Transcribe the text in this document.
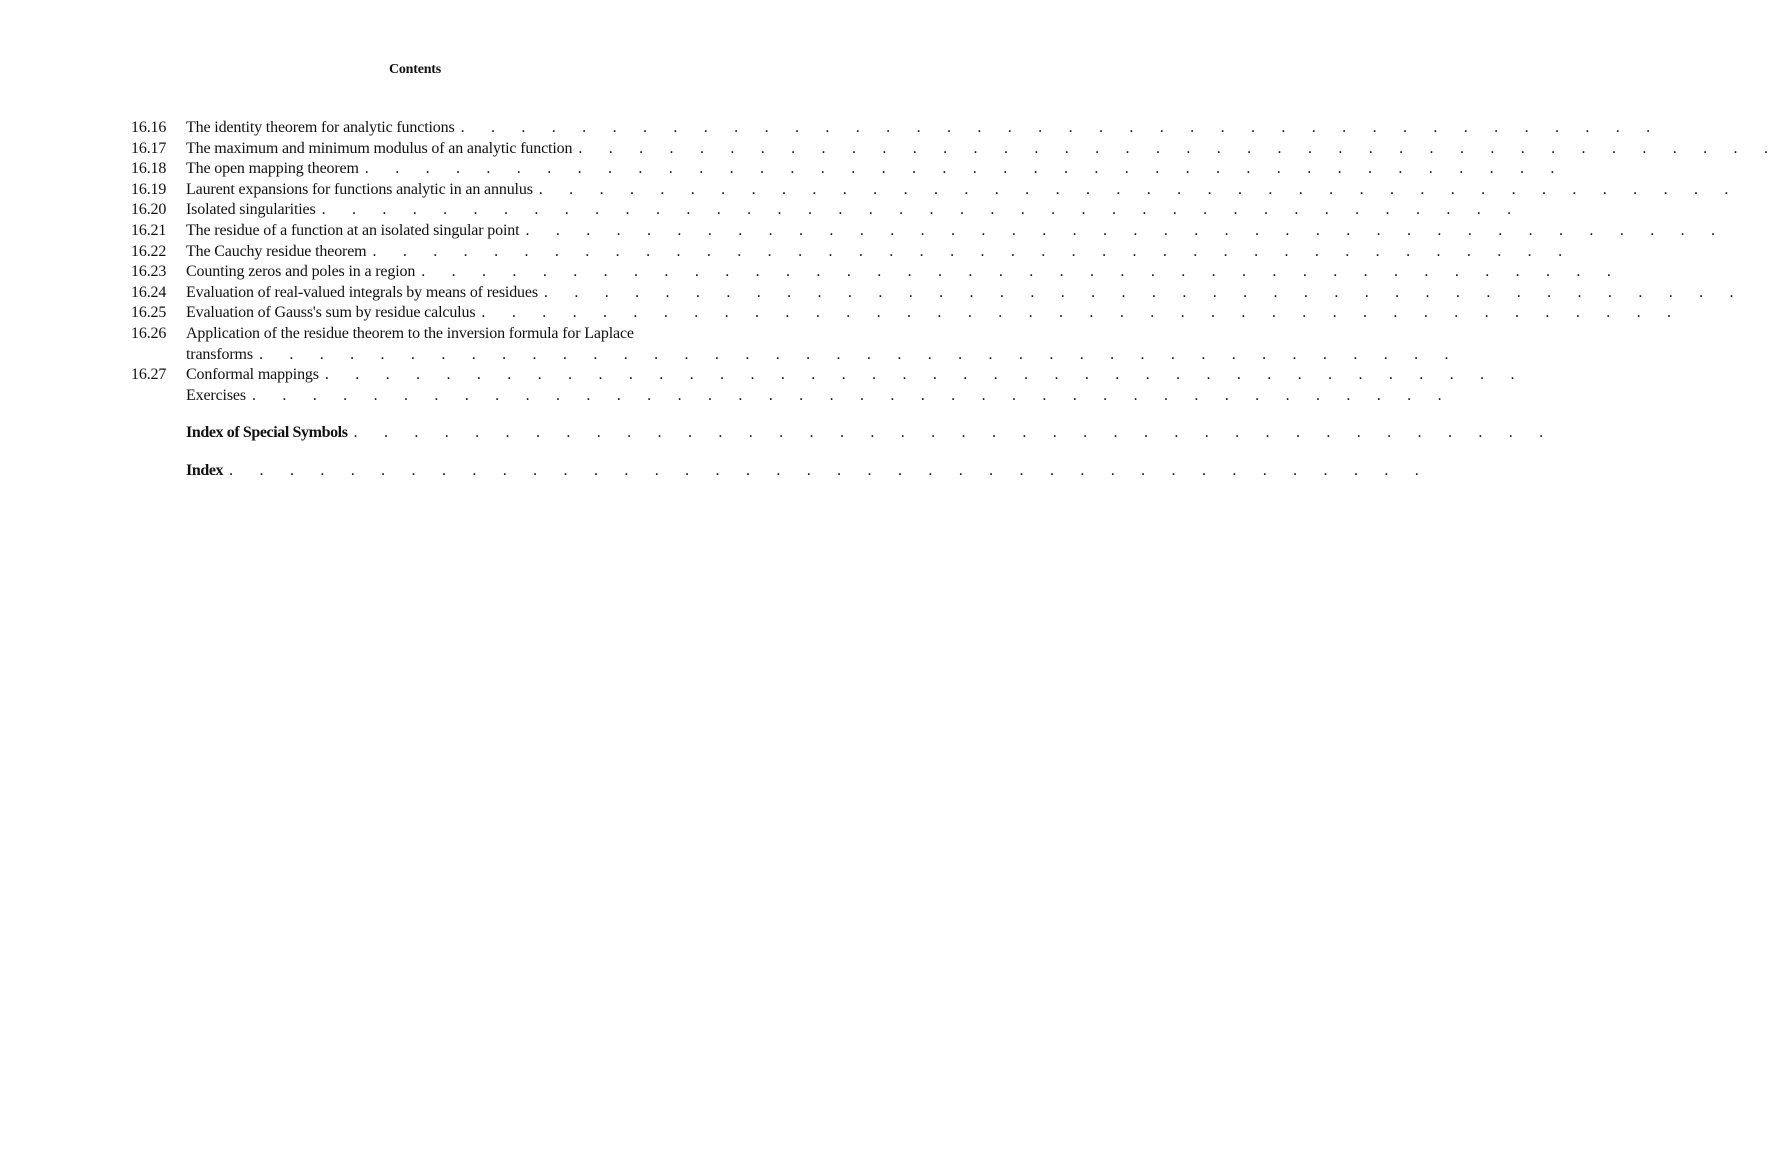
Contents
16.16	The identity theorem for analytic functions . . . . . . . . . . . . . . . . . . . . . . . . . . . . . . . . . . . . . . . .
16.17	The maximum and minimum modulus of an analytic function . . . . . . . . . . . . . . . . . . . . . . . . . . . . . . . . . . . . . . . .
16.18	The open mapping theorem . . . . . . . . . . . . . . . . . . . . . . . . . . . . . . . . . . . . . . . .
16.19	Laurent expansions for functions analytic in an annulus . . . . . . . . . . . . . . . . . . . . . . . . . . . . . . . . . . . . . . . .
16.20	Isolated singularities . . . . . . . . . . . . . . . . . . . . . . . . . . . . . . . . . . . . . . . .
16.21	The residue of a function at an isolated singular point . . . . . . . . . . . . . . . . . . . . . . . . . . . . . . . . . . . . . . . .
16.22	The Cauchy residue theorem . . . . . . . . . . . . . . . . . . . . . . . . . . . . . . . . . . . . . . . .
16.23	Counting zeros and poles in a region . . . . . . . . . . . . . . . . . . . . . . . . . . . . . . . . . . . . . . . .
16.24	Evaluation of real-valued integrals by means of residues . . . . . . . . . . . . . . . . . . . . . . . . . . . . . . . . . . . . . . . .
16.25	Evaluation of Gauss's sum by residue calculus . . . . . . . . . . . . . . . . . . . . . . . . . . . . . . . . . . . . . . . .
16.26	Application of the residue theorem to the inversion formula for Laplace
transforms . . . . . . . . . . . . . . . . . . . . . . . . . . . . . . . . . . . . . . . .
16.27	Conformal mappings . . . . . . . . . . . . . . . . . . . . . . . . . . . . . . . . . . . . . . . .
Exercises . . . . . . . . . . . . . . . . . . . . . . . . . . . . . . . . . . . . . . . .
Index of Special Symbols . . . . . . . . . . . . . . . . . . . . . . . . . . . . . . . . . . . . . . . .
Index . . . . . . . . . . . . . . . . . . . . . . . . . . . . . . . . . . . . . . . .
